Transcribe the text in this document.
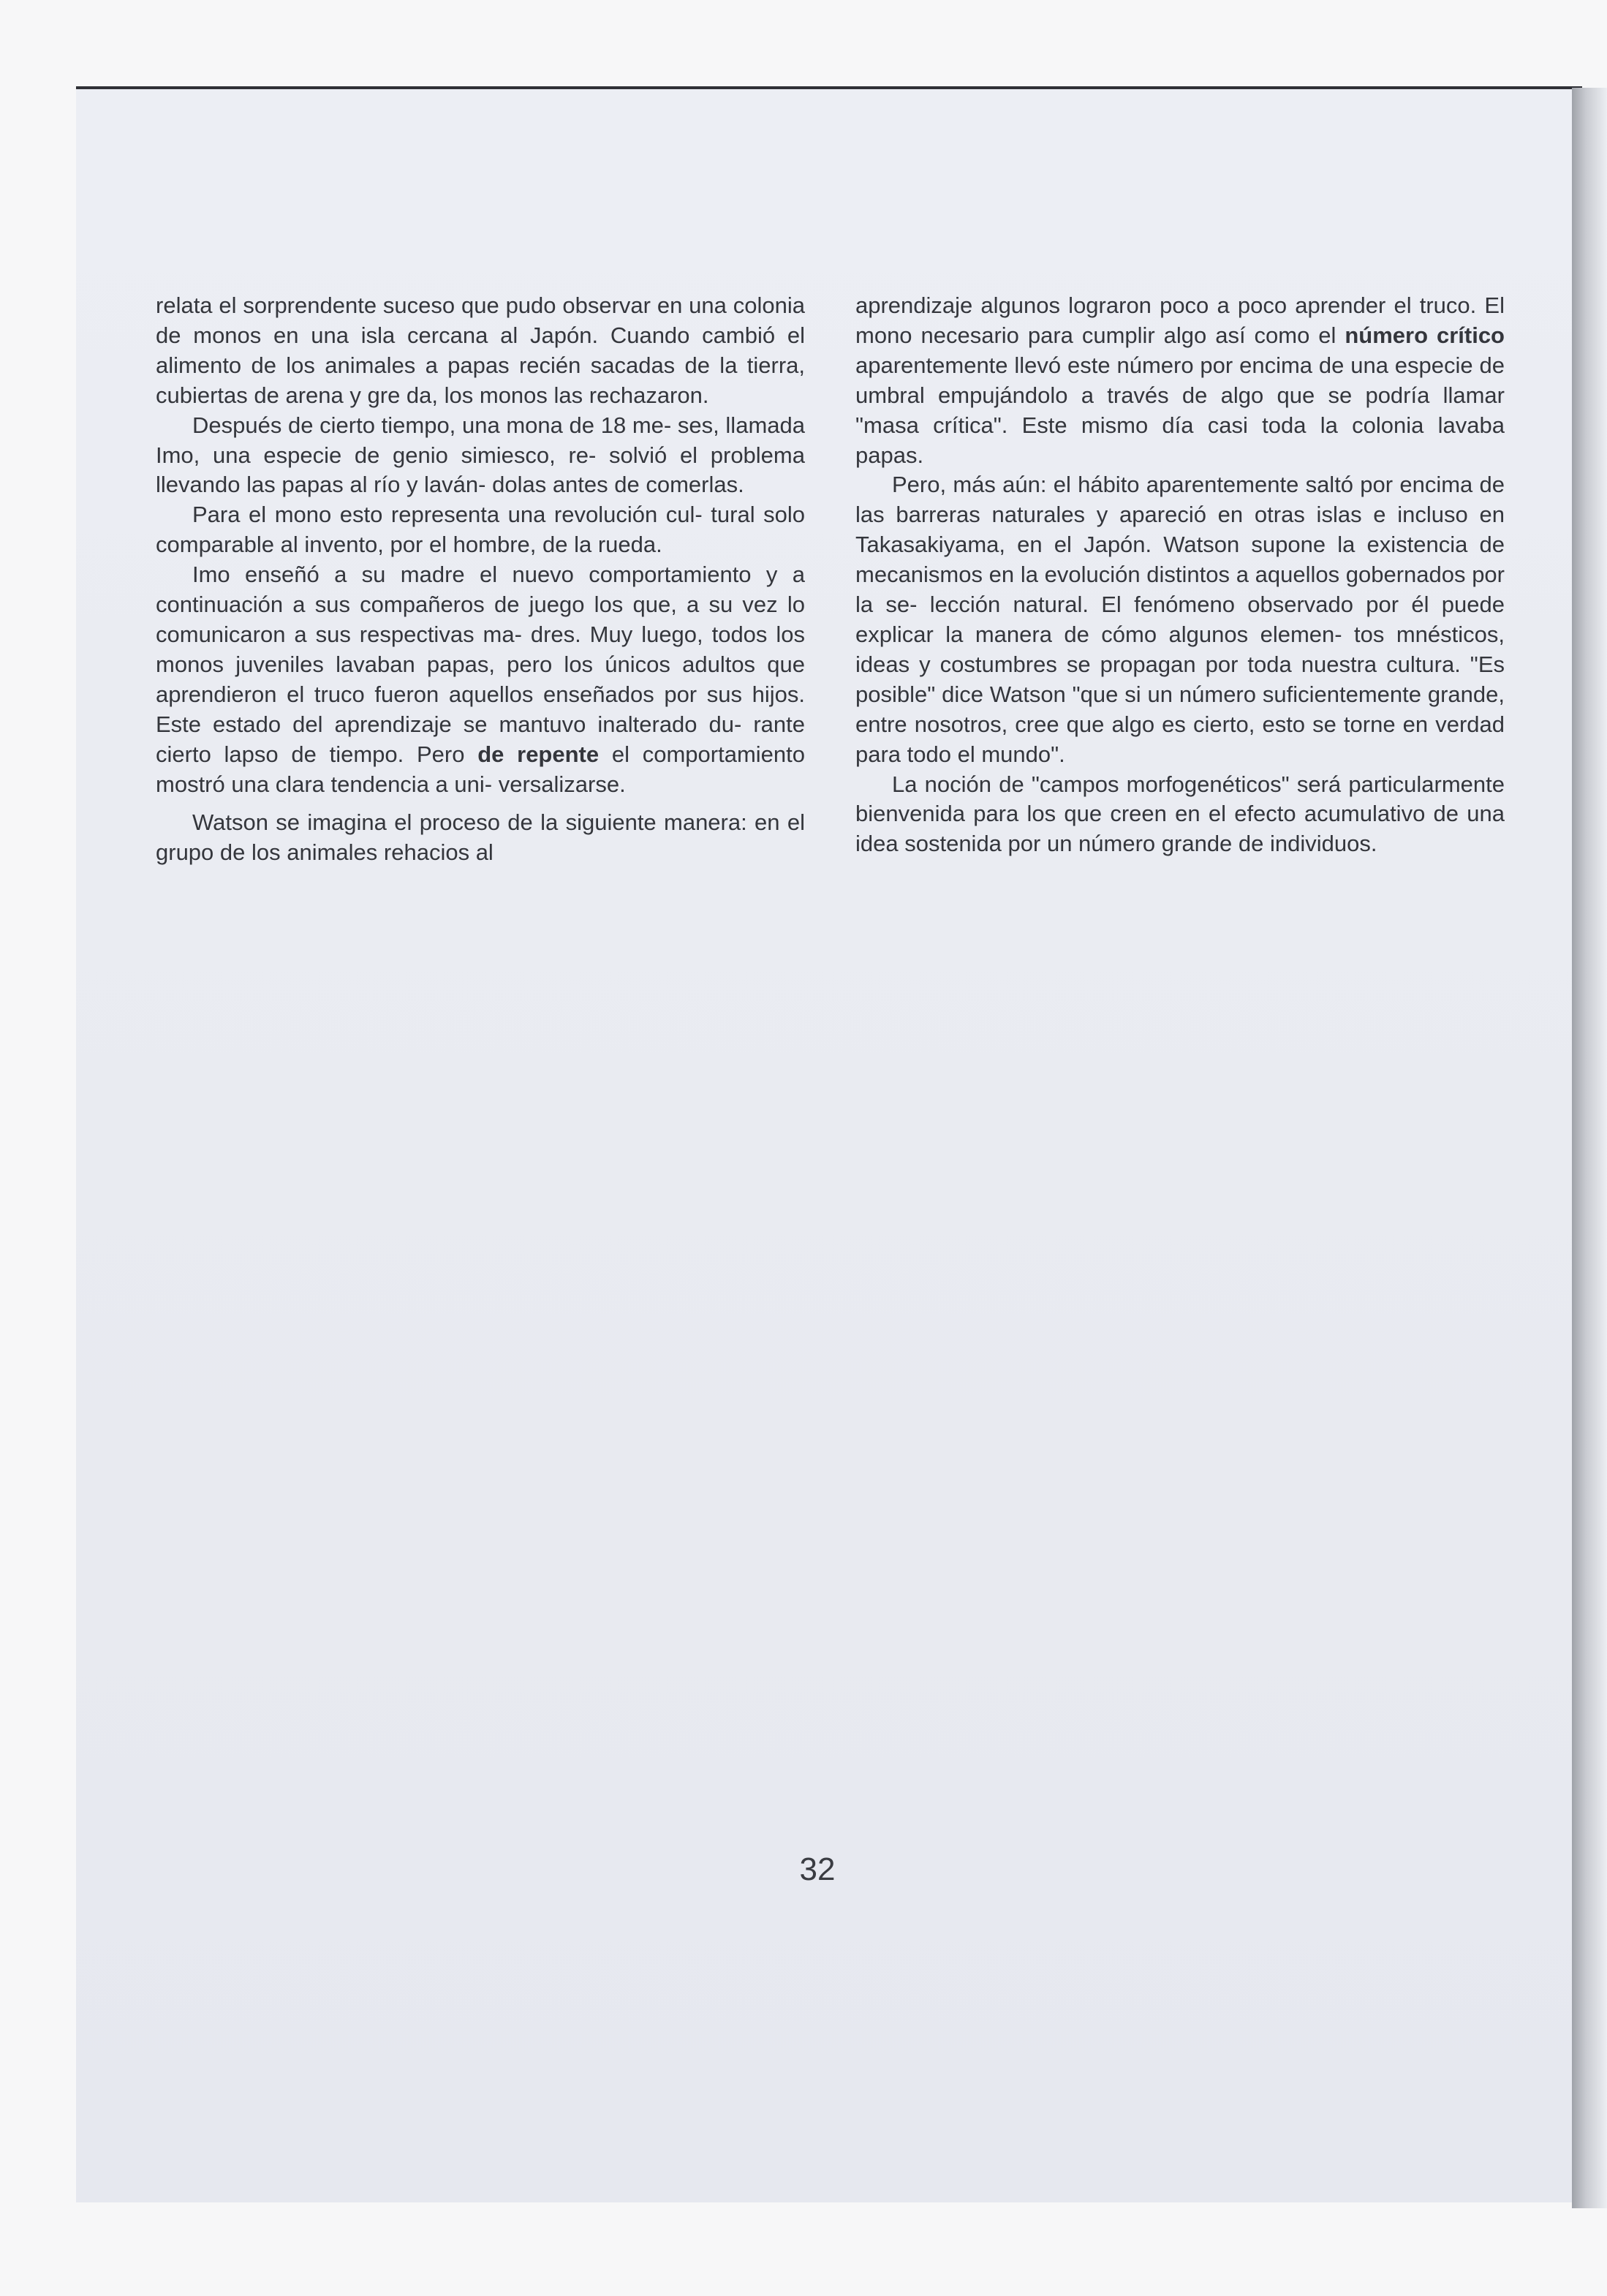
relata el sorprendente suceso que pudo observar en una colonia de monos en una isla cercana al Japón. Cuando cambió el alimento de los animales a papas recién sacadas de la tierra, cubiertas de arena y gre da, los monos las rechazaron.

Después de cierto tiempo, una mona de 18 me- ses, llamada Imo, una especie de genio simiesco, re- solvió el problema llevando las papas al río y laván- dolas antes de comerlas.

Para el mono esto representa una revolución cul- tural solo comparable al invento, por el hombre, de la rueda.

Imo enseñó a su madre el nuevo comportamiento y a continuación a sus compañeros de juego los que, a su vez lo comunicaron a sus respectivas ma- dres. Muy luego, todos los monos juveniles lavaban papas, pero los únicos adultos que aprendieron el truco fueron aquellos enseñados por sus hijos. Este estado del aprendizaje se mantuvo inalterado du- rante cierto lapso de tiempo. Pero de repente el comportamiento mostró una clara tendencia a uni- versalizarse.

Watson se imagina el proceso de la siguiente manera: en el grupo de los animales rehacios al

aprendizaje algunos lograron poco a poco aprender el truco. El mono necesario para cumplir algo así como el número crítico aparentemente llevó este número por encima de una especie de umbral empujándolo a través de algo que se podría llamar "masa crítica". Este mismo día casi toda la colonia lavaba papas.

Pero, más aún: el hábito aparentemente saltó por encima de las barreras naturales y apareció en otras islas e incluso en Takasakiyama, en el Japón. Watson supone la existencia de mecanismos en la evolución distintos a aquellos gobernados por la se- lección natural. El fenómeno observado por él puede explicar la manera de cómo algunos elemen- tos mnésticos, ideas y costumbres se propagan por toda nuestra cultura. "Es posible" dice Watson "que si un número suficientemente grande, entre nosotros, cree que algo es cierto, esto se torne en verdad para todo el mundo".

La noción de "campos morfogenéticos" será particularmente bienvenida para los que creen en el efecto acumulativo de una idea sostenida por un número grande de individuos.

32
